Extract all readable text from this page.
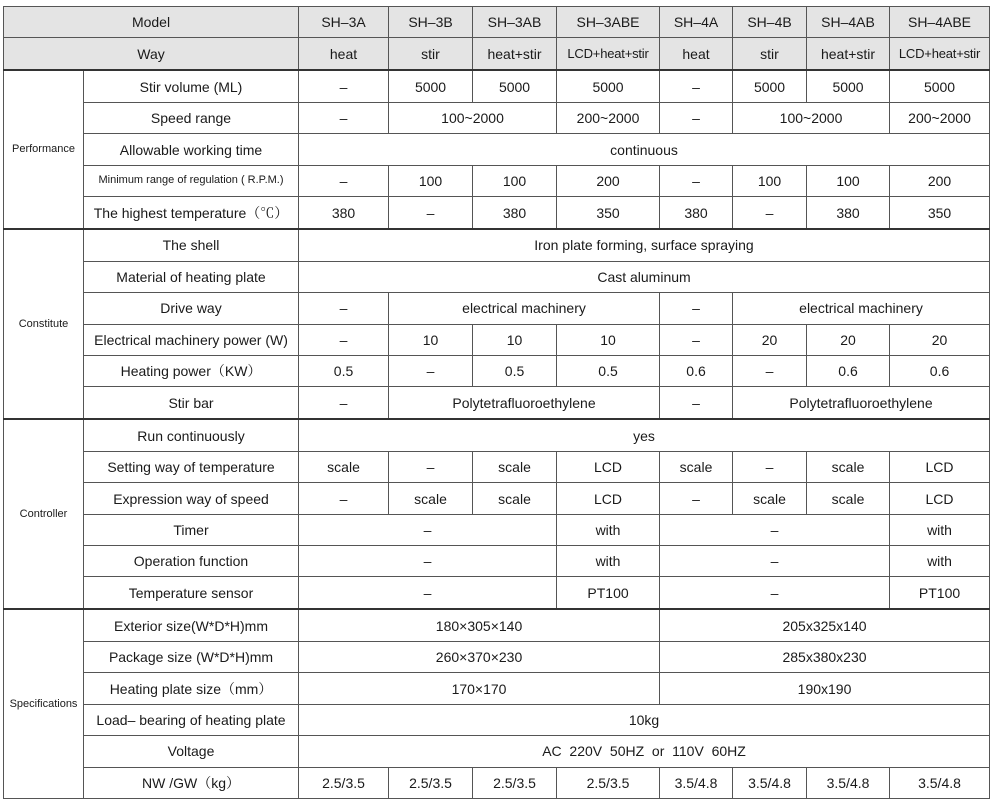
Model		SH–3A	SH–3B	SH–3AB	SH–3ABE	SH–4A	SH–4B	SH–4AB	SH–4ABE
Way		heat	stir	heat+stir	LCD+heat+stir	heat	stir	heat+stir	LCD+heat+stir
Performance	Stir volume (ML)	–	5000	5000	5000	–	5000	5000	5000
	Speed range	–	100~2000		200~2000	–	100~2000		200~2000
	Allowable working time	continuous							
	Minimum range of regulation ( R.P.M.)	–	100	100	200	–	100	100	200
	The highest temperature（℃）	380	–	380	350	380	–	380	350
Constitute	The shell	Iron plate forming, surface spraying							
	Material of heating plate	Cast aluminum							
	Drive way	–	electrical machinery			–	electrical machinery		
	Electrical machinery power (W)	–	10	10	10	–	20	20	20
	Heating power（KW）	0.5	–	0.5	0.5	0.6	–	0.6	0.6
	Stir bar	–	Polytetrafluoroethylene			–	Polytetrafluoroethylene		
Controller	Run continuously	yes							
	Setting way of temperature	scale	–	scale	LCD	scale	–	scale	LCD
	Expression way of speed	–	scale	scale	LCD	–	scale	scale	LCD
	Timer	–			with	–			with
	Operation function	–			with	–			with
	Temperature sensor	–			PT100	–			PT100
Specifications	Exterior size(W*D*H)mm	180×305×140				205x325x140			
	Package size (W*D*H)mm	260×370×230				285x380x230			
	Heating plate size（mm）	170×170				190x190			
	Load– bearing of heating plate	10kg							
	Voltage	AC  220V  50HZ  or  110V  60HZ							
	NW /GW（kg）	2.5/3.5	2.5/3.5	2.5/3.5	2.5/3.5	3.5/4.8	3.5/4.8	3.5/4.8	3.5/4.8
